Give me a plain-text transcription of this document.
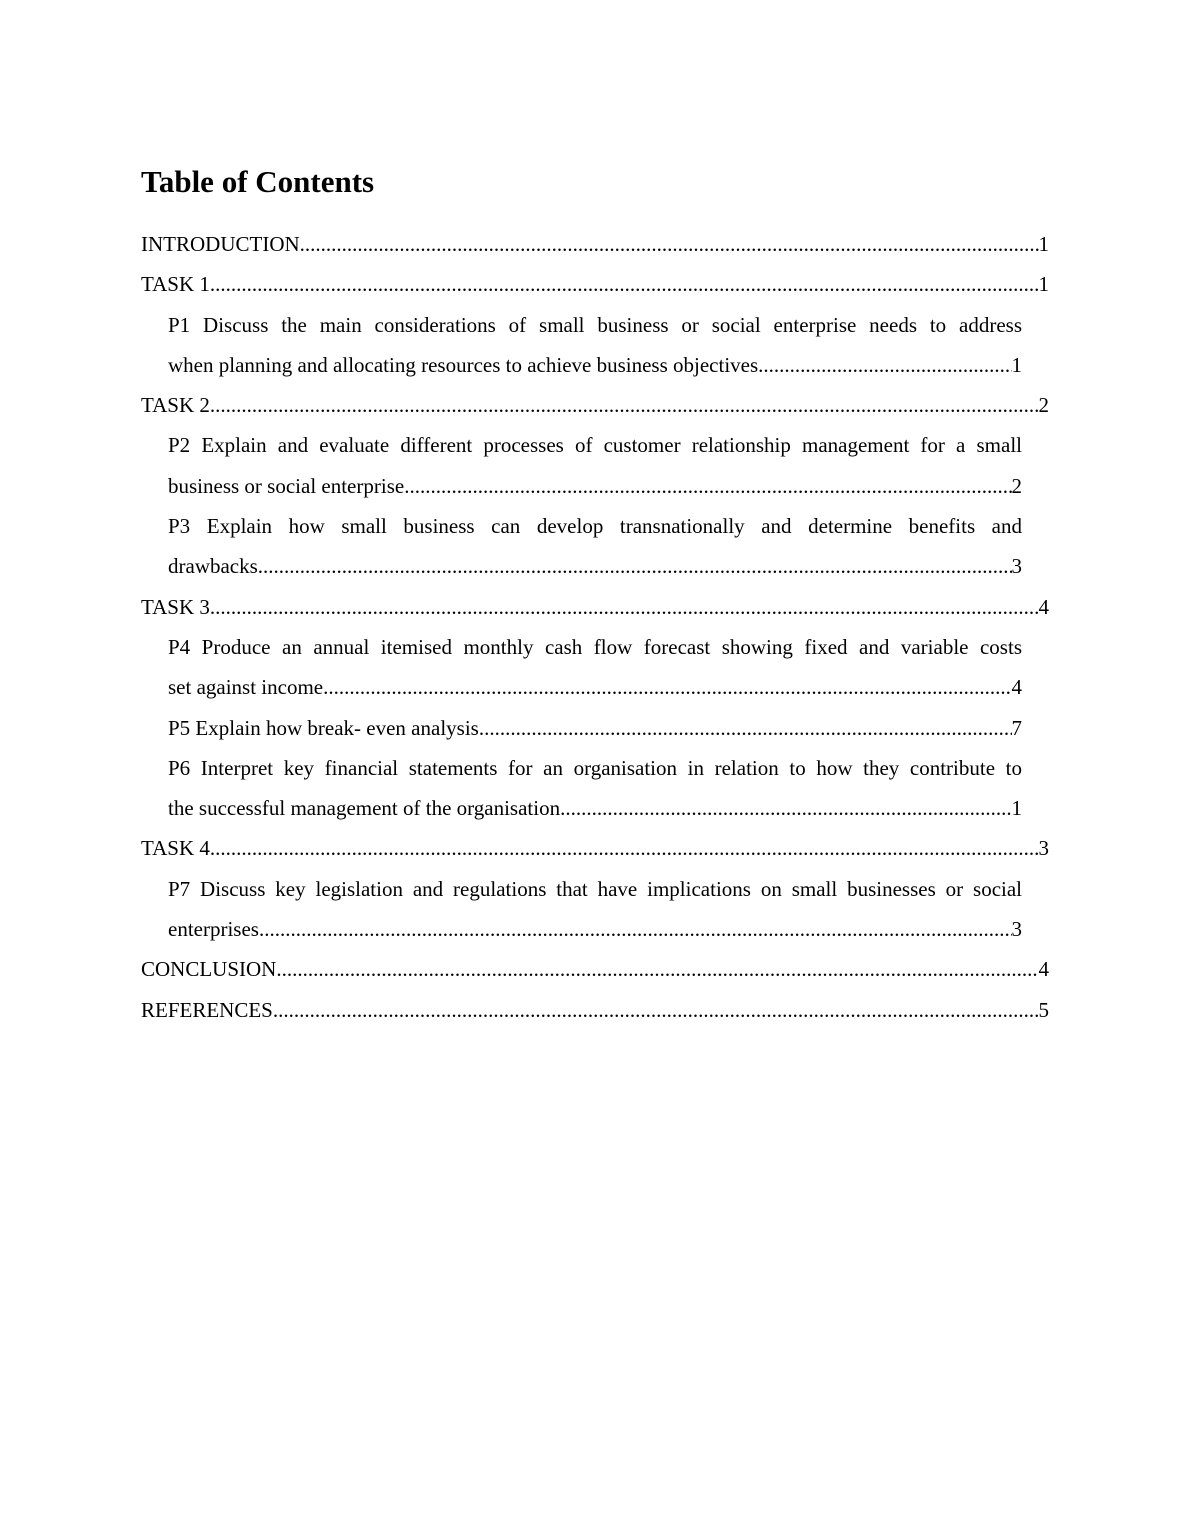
Table of Contents
INTRODUCTION .....	1
TASK 1 .....	1
P1 Discuss the main considerations of small business or social enterprise needs to address
when planning and allocating resources to achieve business objectives .....	1
TASK 2 .....	2
P2 Explain and evaluate different processes of customer relationship management for a small
business or social enterprise .....	2
P3 Explain how small business can develop transnationally and determine benefits and
drawbacks .....	3
TASK 3 .....	4
P4 Produce an annual itemised monthly cash flow forecast showing fixed and variable costs
set against income .....	4
P5 Explain how break- even analysis .....	7
P6 Interpret key financial statements for an organisation in relation to how they contribute to
the successful management of the organisation .....	1
TASK 4 .....	3
P7 Discuss key legislation and regulations that have implications on small businesses or social
enterprises .....	3
CONCLUSION .....	4
REFERENCES .....	5
